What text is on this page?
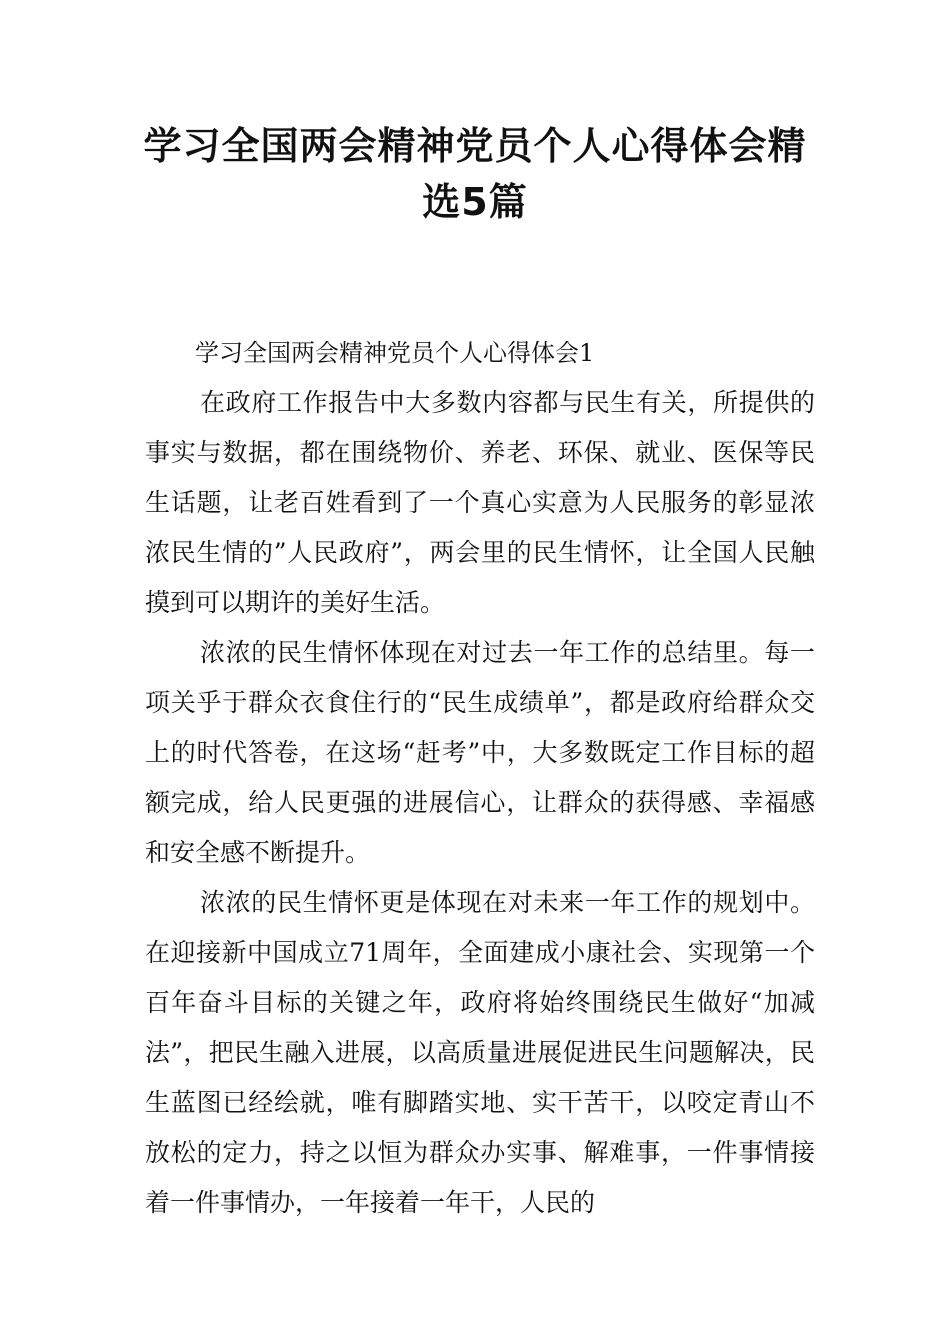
学习全国两会精神党员个人心得体会精
选5篇

学习全国两会精神党员个人心得体会1

在政府工作报告中大多数内容都与民生有关，所提供的事实与数据，都在围绕物价、养老、环保、就业、医保等民生话题，让老百姓看到了一个真心实意为人民服务的彰显浓浓民生情的”人民政府”，两会里的民生情怀，让全国人民触摸到可以期许的美好生活。

浓浓的民生情怀体现在对过去一年工作的总结里。每一项关乎于群众衣食住行的“民生成绩单”，都是政府给群众交上的时代答卷，在这场“赶考”中，大多数既定工作目标的超额完成，给人民更强的进展信心，让群众的获得感、幸福感和安全感不断提升。

浓浓的民生情怀更是体现在对未来一年工作的规划中。在迎接新中国成立71周年，全面建成小康社会、实现第一个百年奋斗目标的关键之年，政府将始终围绕民生做好“加减法”，把民生融入进展，以高质量进展促进民生问题解决，民生蓝图已经绘就，唯有脚踏实地、实干苦干，以咬定青山不放松的定力，持之以恒为群众办实事、解难事，一件事情接着一件事情办，一年接着一年干，人民的
